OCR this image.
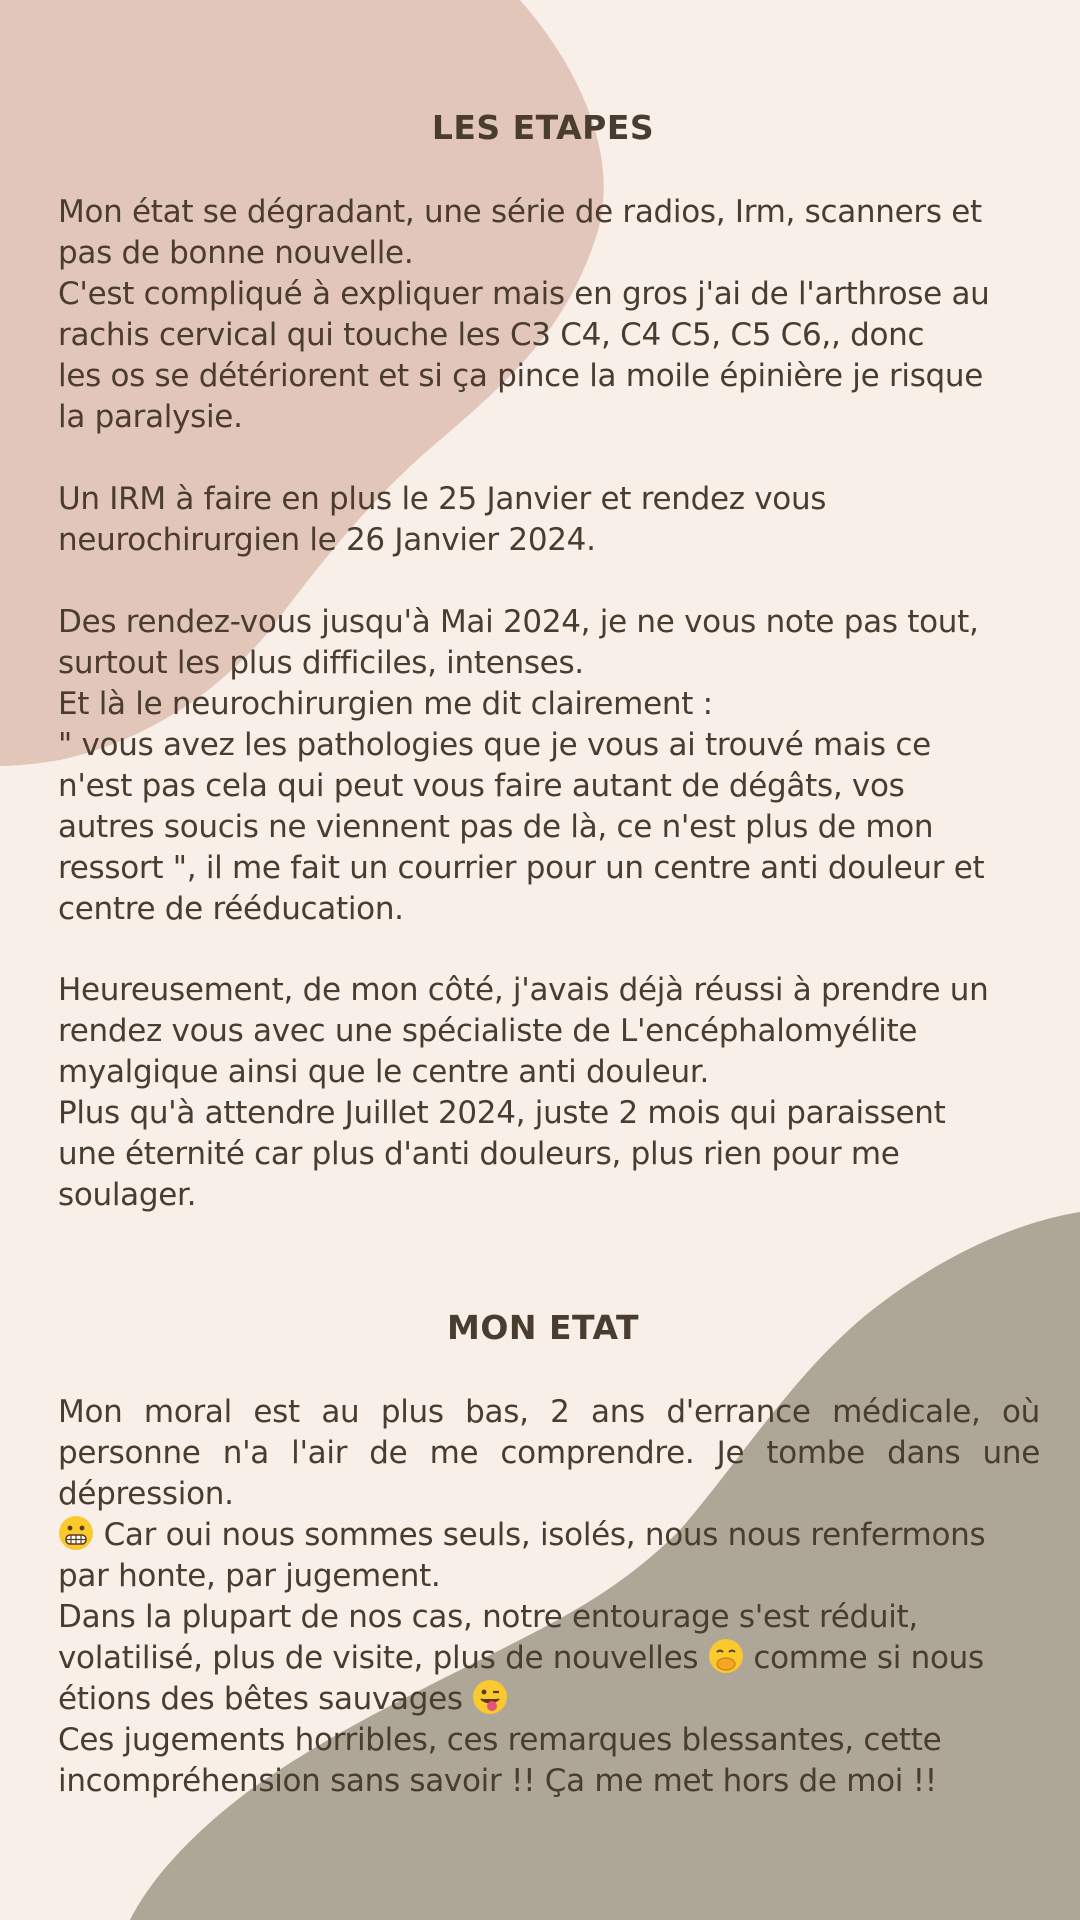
LES ETAPES
Mon état se dégradant, une série de radios, Irm, scanners et
pas de bonne nouvelle.
C'est compliqué à expliquer mais en gros j'ai de l'arthrose au
rachis cervical qui touche les C3 C4, C4 C5, C5 C6,, donc
les os se détériorent et si ça pince la moile épinière je risque
la paralysie.
Un IRM à faire en plus le 25 Janvier et rendez vous
neurochirurgien le 26 Janvier 2024.
Des rendez-vous jusqu'à Mai 2024, je ne vous note pas tout,
surtout les plus difficiles, intenses.
Et là le neurochirurgien me dit clairement :
" vous avez les pathologies que je vous ai trouvé mais ce
n'est pas cela qui peut vous faire autant de dégâts, vos
autres soucis ne viennent pas de là, ce n'est plus de mon
ressort ", il me fait un courrier pour un centre anti douleur et
centre de rééducation.
Heureusement, de mon côté, j'avais déjà réussi à prendre un
rendez vous avec une spécialiste de L'encéphalomyélite
myalgique ainsi que le centre anti douleur.
Plus qu'à attendre Juillet 2024, juste 2 mois qui paraissent
une éternité car plus d'anti douleurs, plus rien pour me
soulager.
MON ETAT
Mon moral est au plus bas, 2 ans d'errance médicale, où personne n'a l'air de me comprendre. Je tombe dans une dépression.
Car oui nous sommes seuls, isolés, nous nous renfermons
par honte, par jugement.
Dans la plupart de nos cas, notre entourage s'est réduit,
volatilisé, plus de visite, plus de nouvelles comme si nous
étions des bêtes sauvages
Ces jugements horribles, ces remarques blessantes, cette
incompréhension sans savoir !! Ça me met hors de moi !!
